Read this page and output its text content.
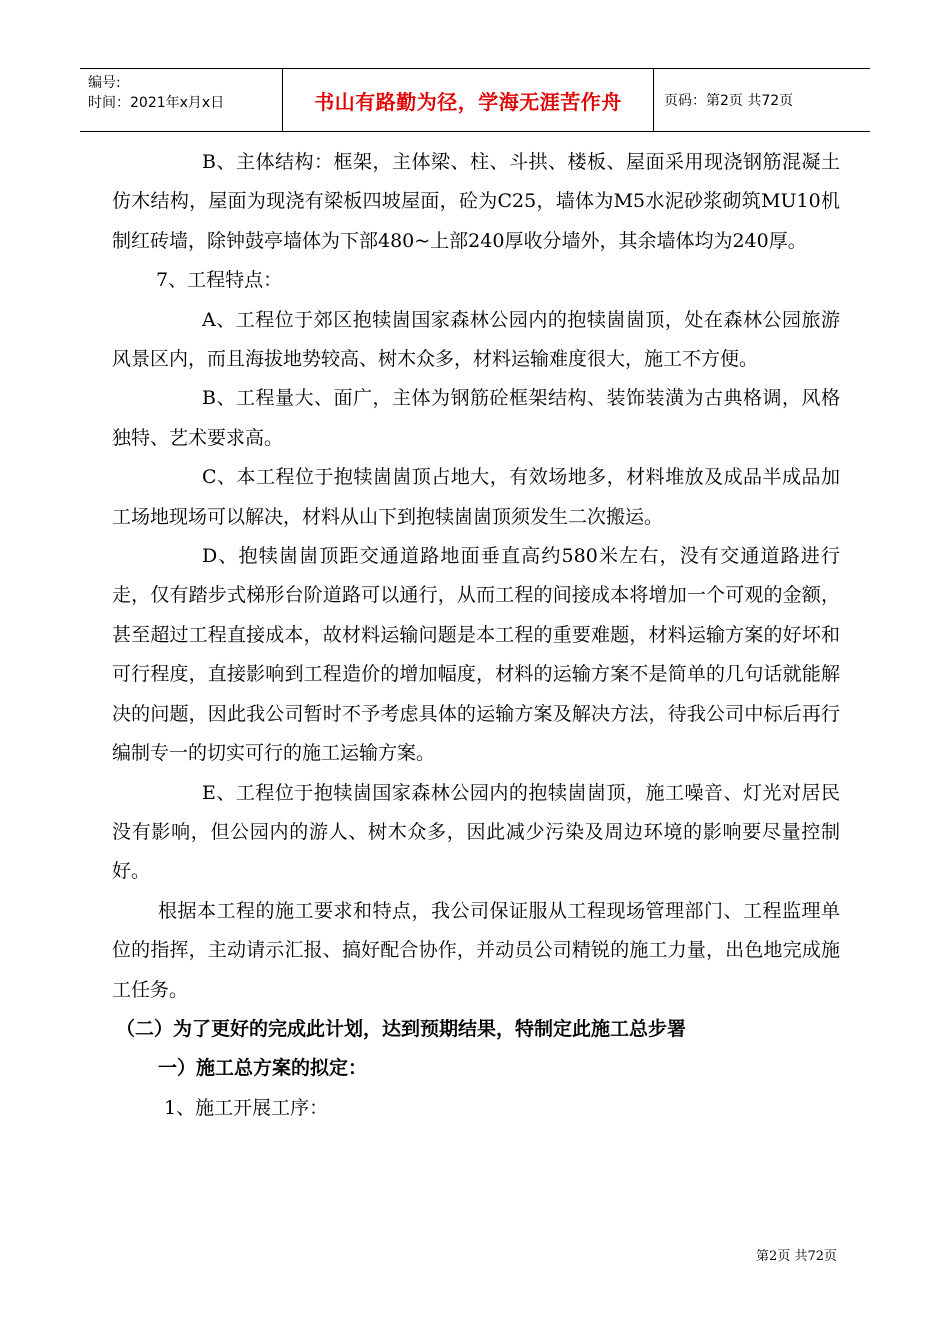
编号:
时间：2021年x月x日	书山有路勤为径，学海无涯苦作舟	页码：第2页 共72页

B、主体结构：框架，主体梁、柱、斗拱、楼板、屋面采用现浇钢筋混凝土仿木结构，屋面为现浇有梁板四坡屋面，砼为C25，墙体为M5水泥砂浆砌筑MU10机制红砖墙，除钟鼓亭墙体为下部480~上部240厚收分墙外，其余墙体均为240厚。

7、工程特点：

A、工程位于郊区抱犊崮国家森林公园内的抱犊崮崮顶，处在森林公园旅游风景区内，而且海拔地势较高、树木众多，材料运输难度很大，施工不方便。

B、工程量大、面广，主体为钢筋砼框架结构、装饰装潢为古典格调，风格独特、艺术要求高。

C、本工程位于抱犊崮崮顶占地大，有效场地多，材料堆放及成品半成品加工场地现场可以解决，材料从山下到抱犊崮崮顶须发生二次搬运。

D、抱犊崮崮顶距交通道路地面垂直高约580米左右，没有交通道路进行走，仅有踏步式梯形台阶道路可以通行，从而工程的间接成本将增加一个可观的金额，甚至超过工程直接成本，故材料运输问题是本工程的重要难题，材料运输方案的好坏和可行程度，直接影响到工程造价的增加幅度，材料的运输方案不是简单的几句话就能解决的问题，因此我公司暂时不予考虑具体的运输方案及解决方法，待我公司中标后再行编制专一的切实可行的施工运输方案。

E、工程位于抱犊崮国家森林公园内的抱犊崮崮顶，施工噪音、灯光对居民没有影响，但公园内的游人、树木众多，因此减少污染及周边环境的影响要尽量控制好。

根据本工程的施工要求和特点，我公司保证服从工程现场管理部门、工程监理单位的指挥，主动请示汇报、搞好配合协作，并动员公司精锐的施工力量，出色地完成施工任务。

（二）为了更好的完成此计划，达到预期结果，特制定此施工总步署

一）施工总方案的拟定：

1、施工开展工序：

第2页 共72页
